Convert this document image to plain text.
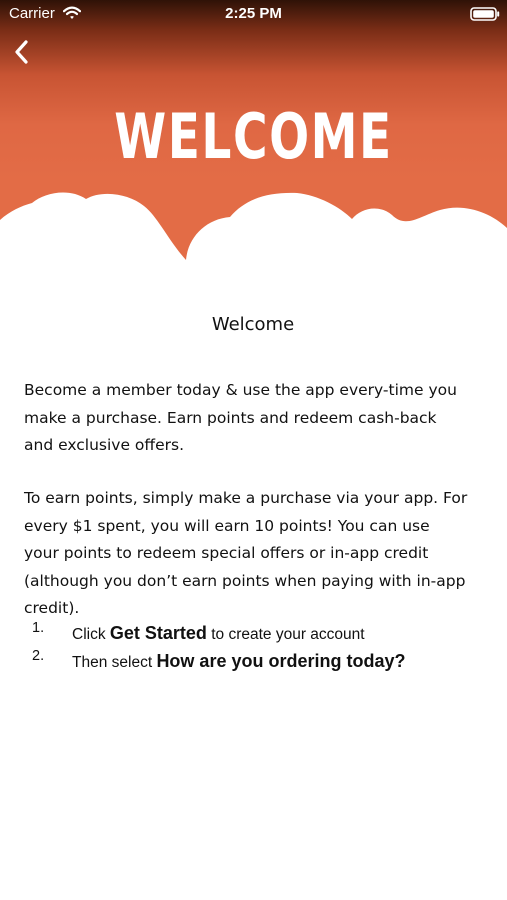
Carrier	2:25 PM
WELCOME
Welcome

Become a member today & use the app every-time you make a purchase. Earn points and redeem cash-back and exclusive offers.

To earn points, simply make a purchase via your app. For every $1 spent, you will earn 10 points! You can use your points to redeem special offers or in-app credit (although you don’t earn points when paying with in-app credit).

1. Click Get Started to create your account
2. Then select How are you ordering today?
